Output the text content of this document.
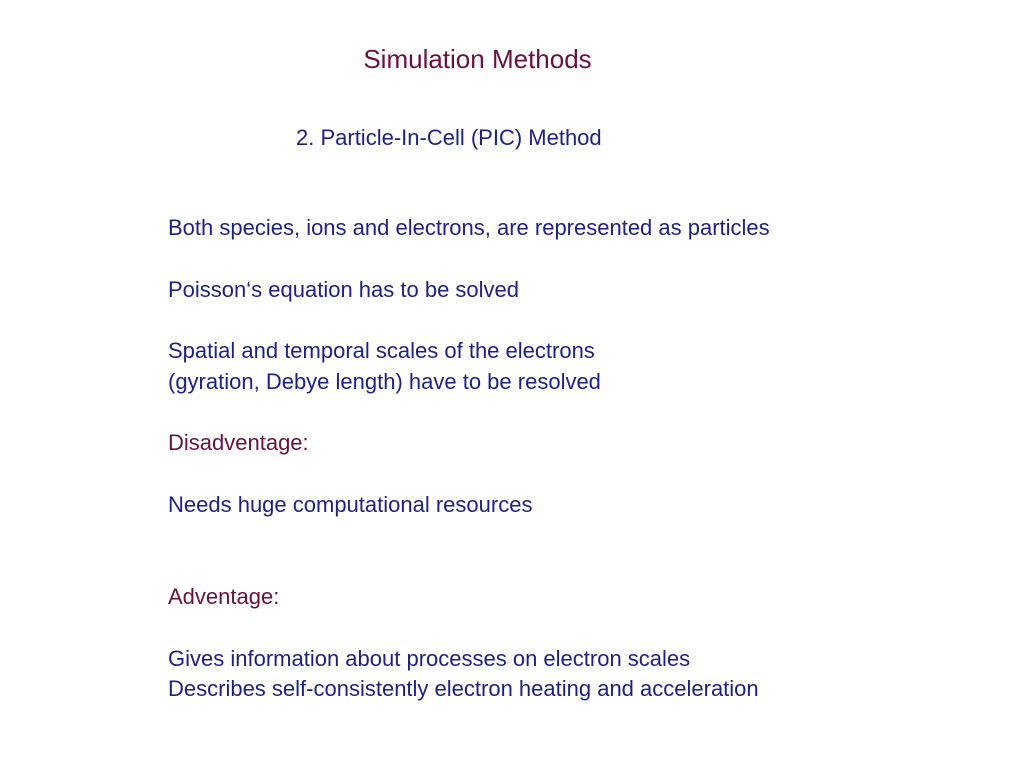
Simulation Methods
2. Particle-In-Cell (PIC) Method
Both species, ions and electrons, are represented as particles
Poisson‘s equation has to be solved
Spatial and temporal scales of the electrons
(gyration, Debye length) have to be resolved
Disadventage:
Needs huge computational resources
Adventage:
Gives information about processes on electron scales
Describes self-consistently electron heating and acceleration
